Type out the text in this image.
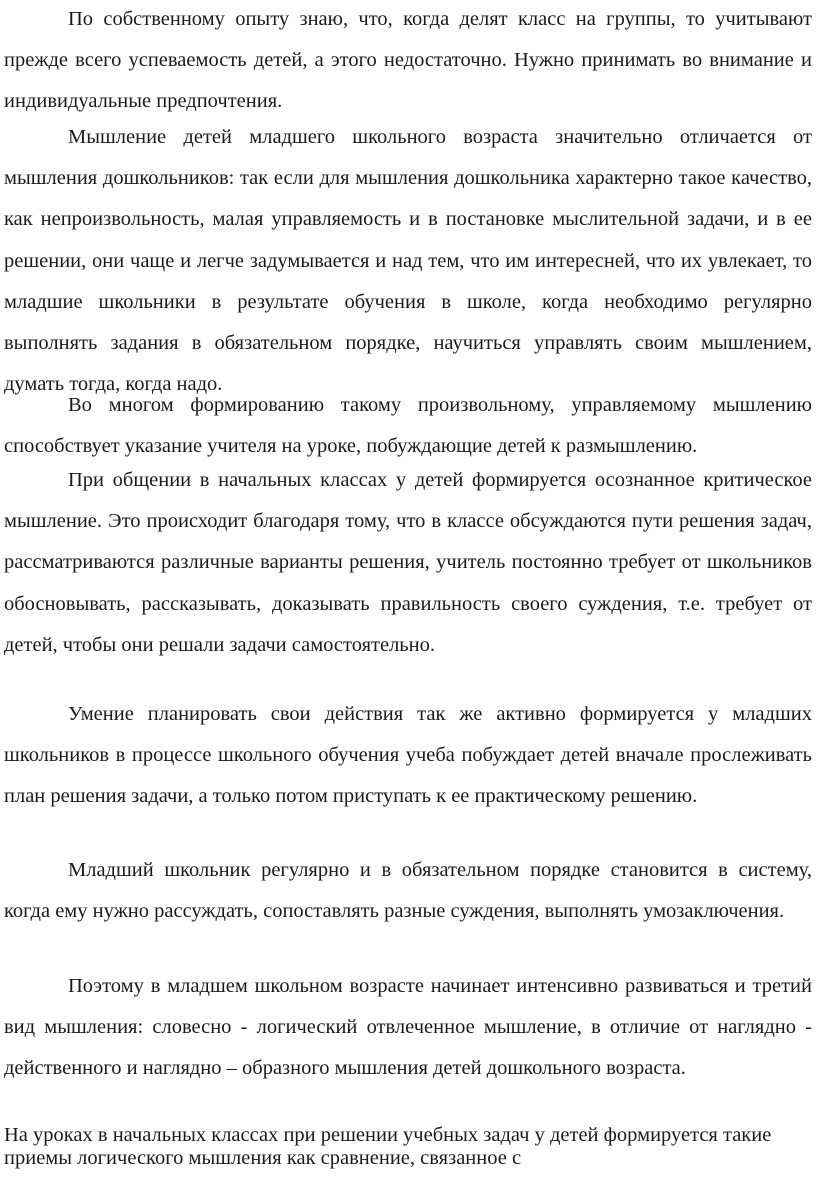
По собственному опыту знаю, что, когда делят класс на группы, то учитывают прежде всего успеваемость детей, а этого недостаточно. Нужно принимать во внимание и индивидуальные предпочтения.

Мышление детей младшего школьного возраста значительно отличается от мышления дошкольников: так если для мышления дошкольника характерно такое качество, как непроизвольность, малая управляемость и в постановке мыслительной задачи, и в ее решении, они чаще и легче задумывается и над тем, что им интересней, что их увлекает, то младшие школьники в результате обучения в школе, когда необходимо регулярно выполнять задания в обязательном порядке, научиться управлять своим мышлением, думать тогда, когда надо.

Во многом формированию такому произвольному, управляемому мышлению способствует указание учителя на уроке, побуждающие детей к размышлению.

При общении в начальных классах у детей формируется осознанное критическое мышление. Это происходит благодаря тому, что в классе обсуждаются пути решения задач, рассматриваются различные варианты решения, учитель постоянно требует от школьников обосновывать, рассказывать, доказывать правильность своего суждения, т.е. требует от детей, чтобы они решали задачи самостоятельно.

Умение планировать свои действия так же активно формируется у младших школьников в процессе школьного обучения учеба побуждает детей вначале прослеживать план решения задачи, а только потом приступать к ее практическому решению.

Младший школьник регулярно и в обязательном порядке становится в систему, когда ему нужно рассуждать, сопоставлять разные суждения, выполнять умозаключения.

Поэтому в младшем школьном возрасте начинает интенсивно развиваться и третий вид мышления: словесно - логический отвлеченное мышление, в отличие от наглядно - действенного и наглядно – образного мышления детей дошкольного возраста.

На уроках в начальных классах при решении учебных задач у детей формируется такие приемы логического мышления как сравнение, связанное с
